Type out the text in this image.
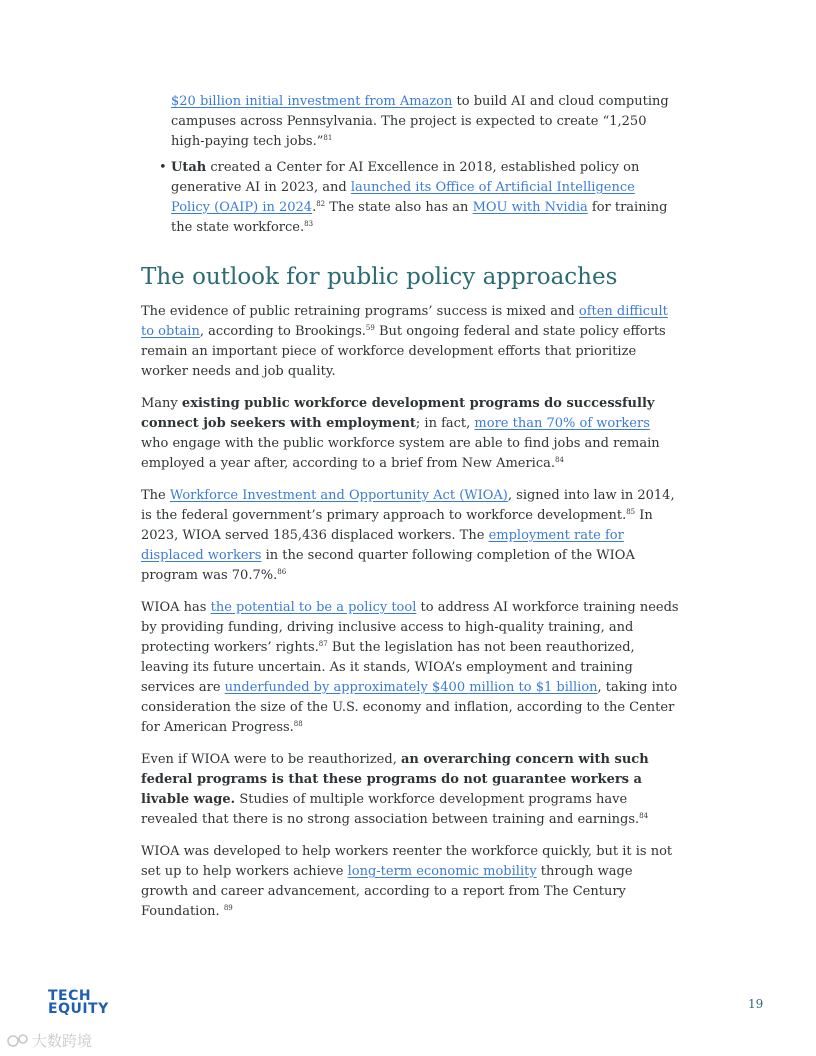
$20 billion initial investment from Amazon to build AI and cloud computing campuses across Pennsylvania. The project is expected to create “1,250 high-paying tech jobs.”$^{81}$

• Utah created a Center for AI Excellence in 2018, established policy on generative AI in 2023, and launched its Office of Artificial Intelligence Policy (OAIP) in 2024.82 The state also has an MOU with Nvidia for training the state workforce.$^{83}$

The outlook for public policy approaches

The evidence of public retraining programs’ success is mixed and often difficult to obtain, according to Brookings.$^{59}$ But ongoing federal and state policy efforts remain an important piece of workforce development efforts that prioritize worker needs and job quality.

Many existing public workforce development programs do successfully connect job seekers with employment; in fact, more than 70% of workers who engage with the public workforce system are able to find jobs and remain employed a year after, according to a brief from New America.$^{84}$

The Workforce Investment and Opportunity Act (WIOA), signed into law in 2014, is the federal government’s primary approach to workforce development.$^{85}$ In 2023, WIOA served 185,436 displaced workers. The employment rate for displaced workers in the second quarter following completion of the WIOA program was 70.7%.$^{86}$

WIOA has the potential to be a policy tool to address AI workforce training needs by providing funding, driving inclusive access to high-quality training, and protecting workers’ rights.$^{87}$ But the legislation has not been reauthorized, leaving its future uncertain. As it stands, WIOA’s employment and training services are underfunded by approximately $400 million to $1 billion, taking into consideration the size of the U.S. economy and inflation, according to the Center for American Progress.$^{88}$

Even if WIOA were to be reauthorized, an overarching concern with such federal programs is that these programs do not guarantee workers a livable wage. Studies of multiple workforce development programs have revealed that there is no strong association between training and earnings.$^{84}$

WIOA was developed to help workers reenter the workforce quickly, but it is not set up to help workers achieve long-term economic mobility through wage growth and career advancement, according to a report from The Century Foundation. $^{89}$

TECH
EQUITY	19
大数跨境
